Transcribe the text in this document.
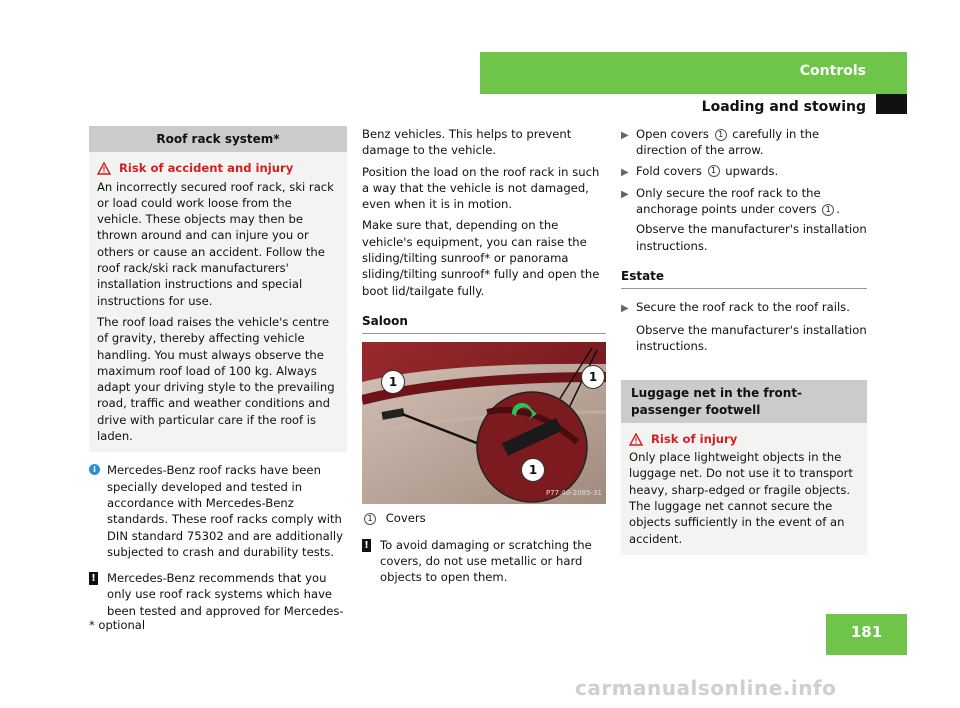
Controls
Loading and stowing
Roof rack system*
Risk of accident and injury

An incorrectly secured roof rack, ski rack or load could work loose from the vehicle. These objects may then be thrown around and can injure you or others or cause an accident. Follow the roof rack/ski rack manufacturers' installation instructions and special instructions for use.

The roof load raises the vehicle's centre of gravity, thereby affecting vehicle handling. You must always observe the maximum roof load of 100 kg. Always adapt your driving style to the prevailing road, traffic and weather conditions and drive with particular care if the roof is laden.

i Mercedes-Benz roof racks have been specially developed and tested in accordance with Mercedes-Benz standards. These roof racks comply with DIN standard 75302 and are additionally subjected to crash and durability tests.
! Mercedes-Benz recommends that you only use roof rack systems which have been tested and approved for Mercedes-

Benz vehicles. This helps to prevent damage to the vehicle.

Position the load on the roof rack in such a way that the vehicle is not damaged, even when it is in motion.

Make sure that, depending on the vehicle's equipment, you can raise the sliding/tilting sunroof* or panorama sliding/tilting sunroof* fully and open the boot lid/tailgate fully.

Saloon
1	1
1
P77.40-2085-31
1 Covers
! To avoid damaging or scratching the covers, do not use metallic or hard objects to open them.
▶ Open covers 1 carefully in the direction of the arrow.
▶ Fold covers 1 upwards.
▶ Only secure the roof rack to the anchorage points under covers 1 .
Observe the manufacturer's installation instructions.
Estate
▶ Secure the roof rack to the roof rails.
Observe the manufacturer's installation instructions.
Luggage net in the front-passenger footwell
Risk of injury

Only place lightweight objects in the luggage net. Do not use it to transport heavy, sharp-edged or fragile objects. The luggage net cannot secure the objects sufficiently in the event of an accident.

181
* optional
carmanualsonline.info
